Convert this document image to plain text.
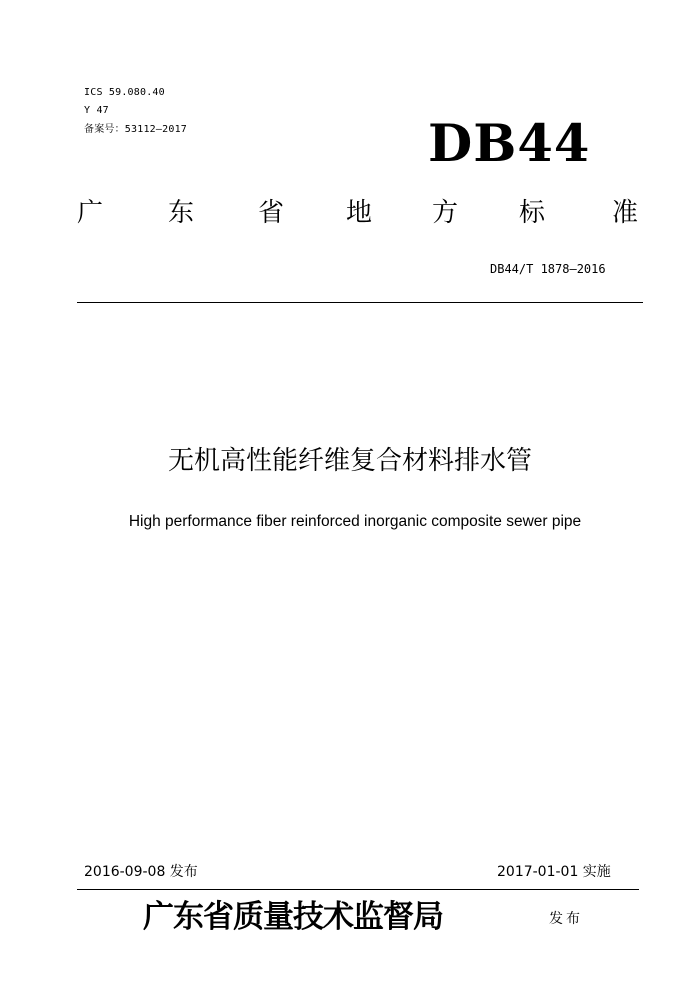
ICS 59.080.40
Y 47
备案号：53112—2017	DB44
广 东 省 地 方 标	准
DB44/T 1878—2016
无机高性能纤维复合材料排水管
High performance fiber reinforced inorganic composite sewer pipe
2016-09-08 发布	2017-01-01 实施
广东省质量技术监督局	发布
